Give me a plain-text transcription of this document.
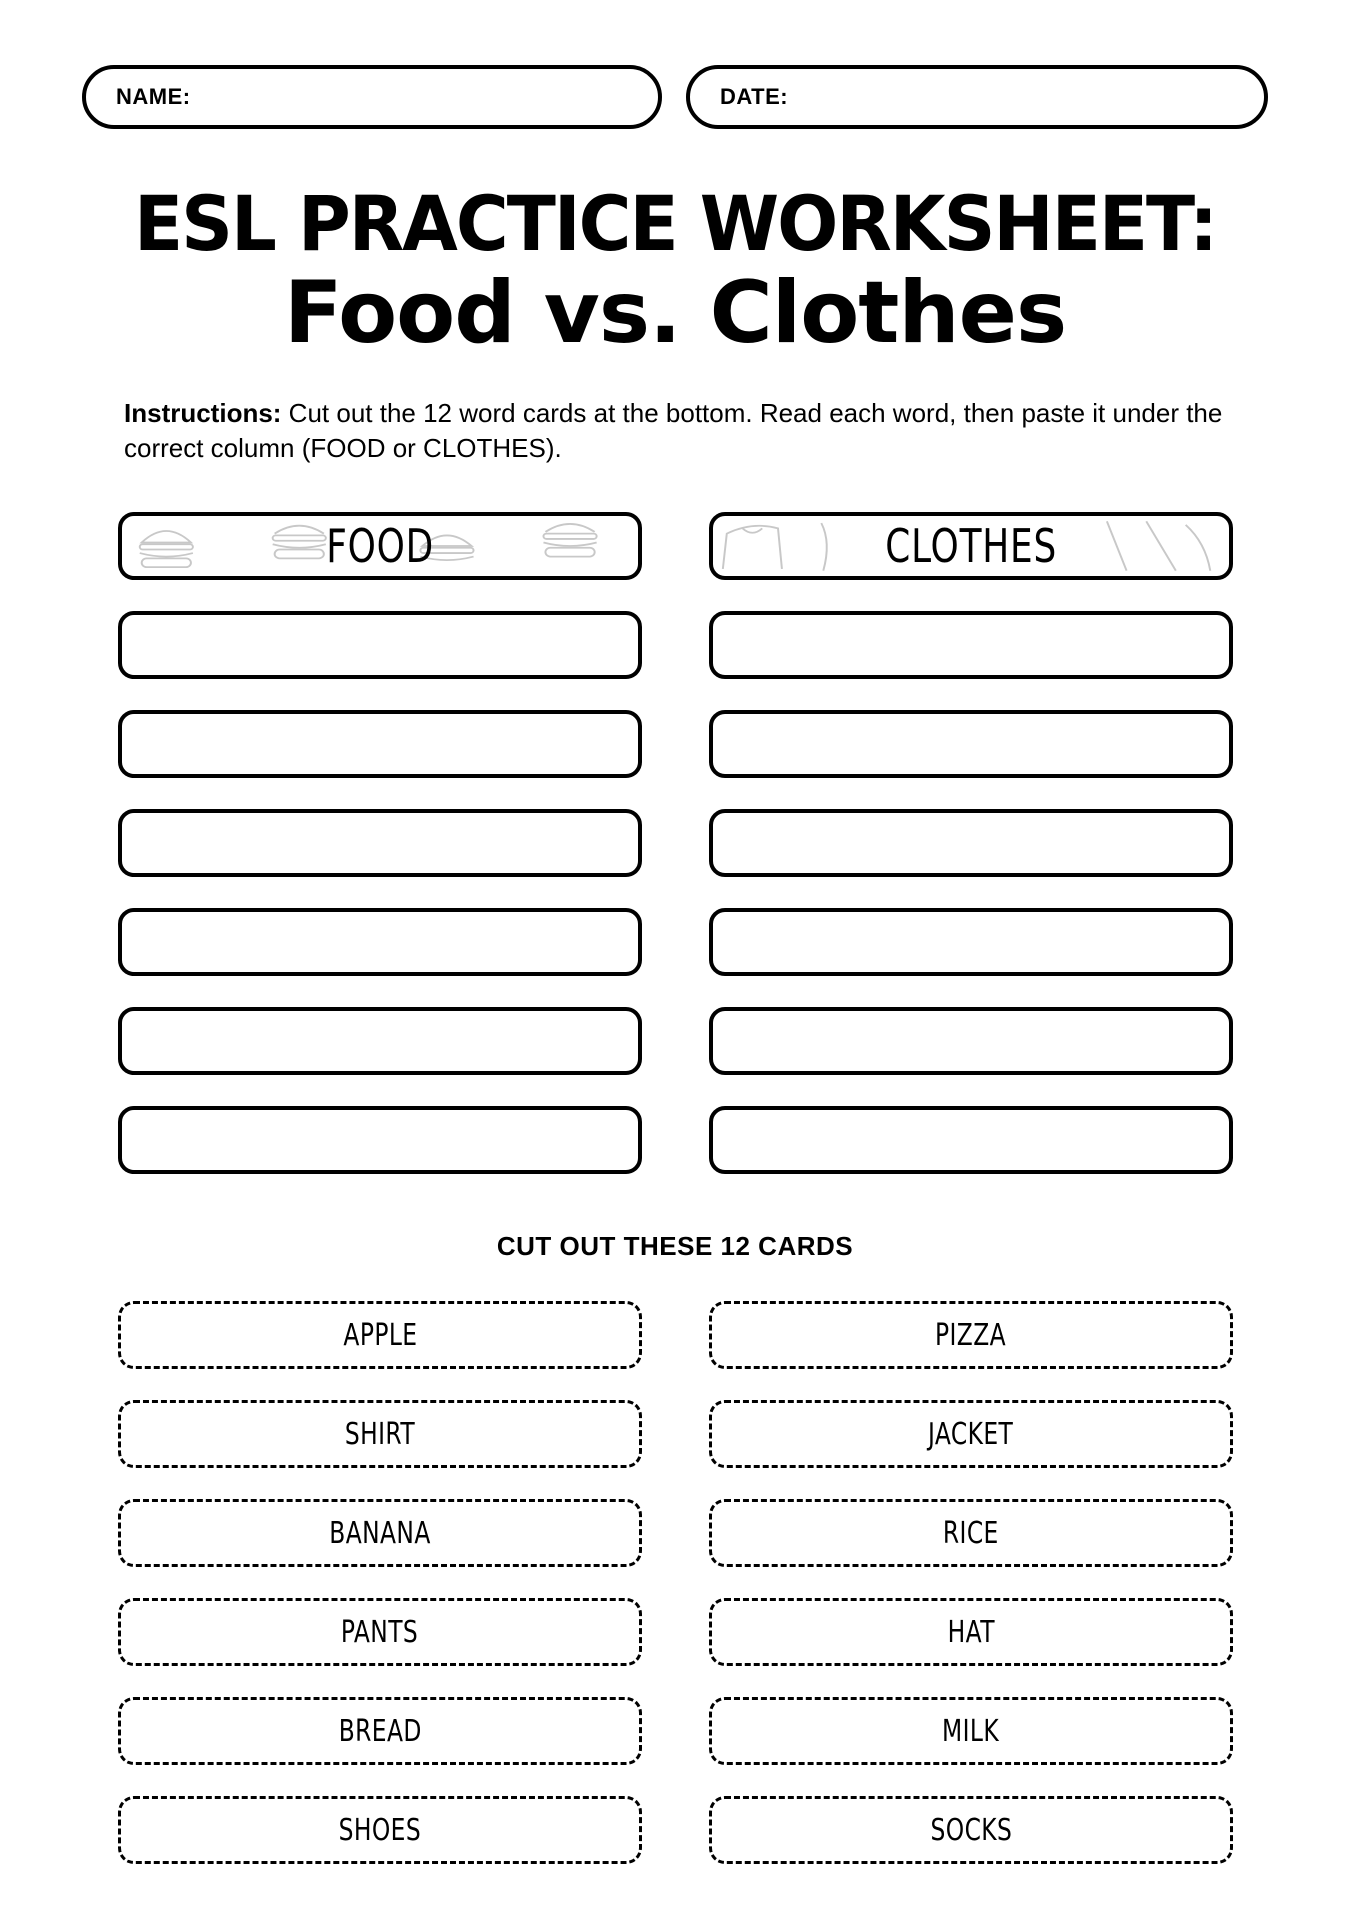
NAME:	DATE:
ESL PRACTICE WORKSHEET:
Food vs. Clothes
Instructions: Cut out the 12 word cards at the bottom. Read each word, then paste it under the correct column (FOOD or CLOTHES).
FOOD	CLOTHES
CUT OUT THESE 12 CARDS
APPLE	PIZZA
SHIRT	JACKET
BANANA	RICE
PANTS	HAT
BREAD	MILK
SHOES	SOCKS
